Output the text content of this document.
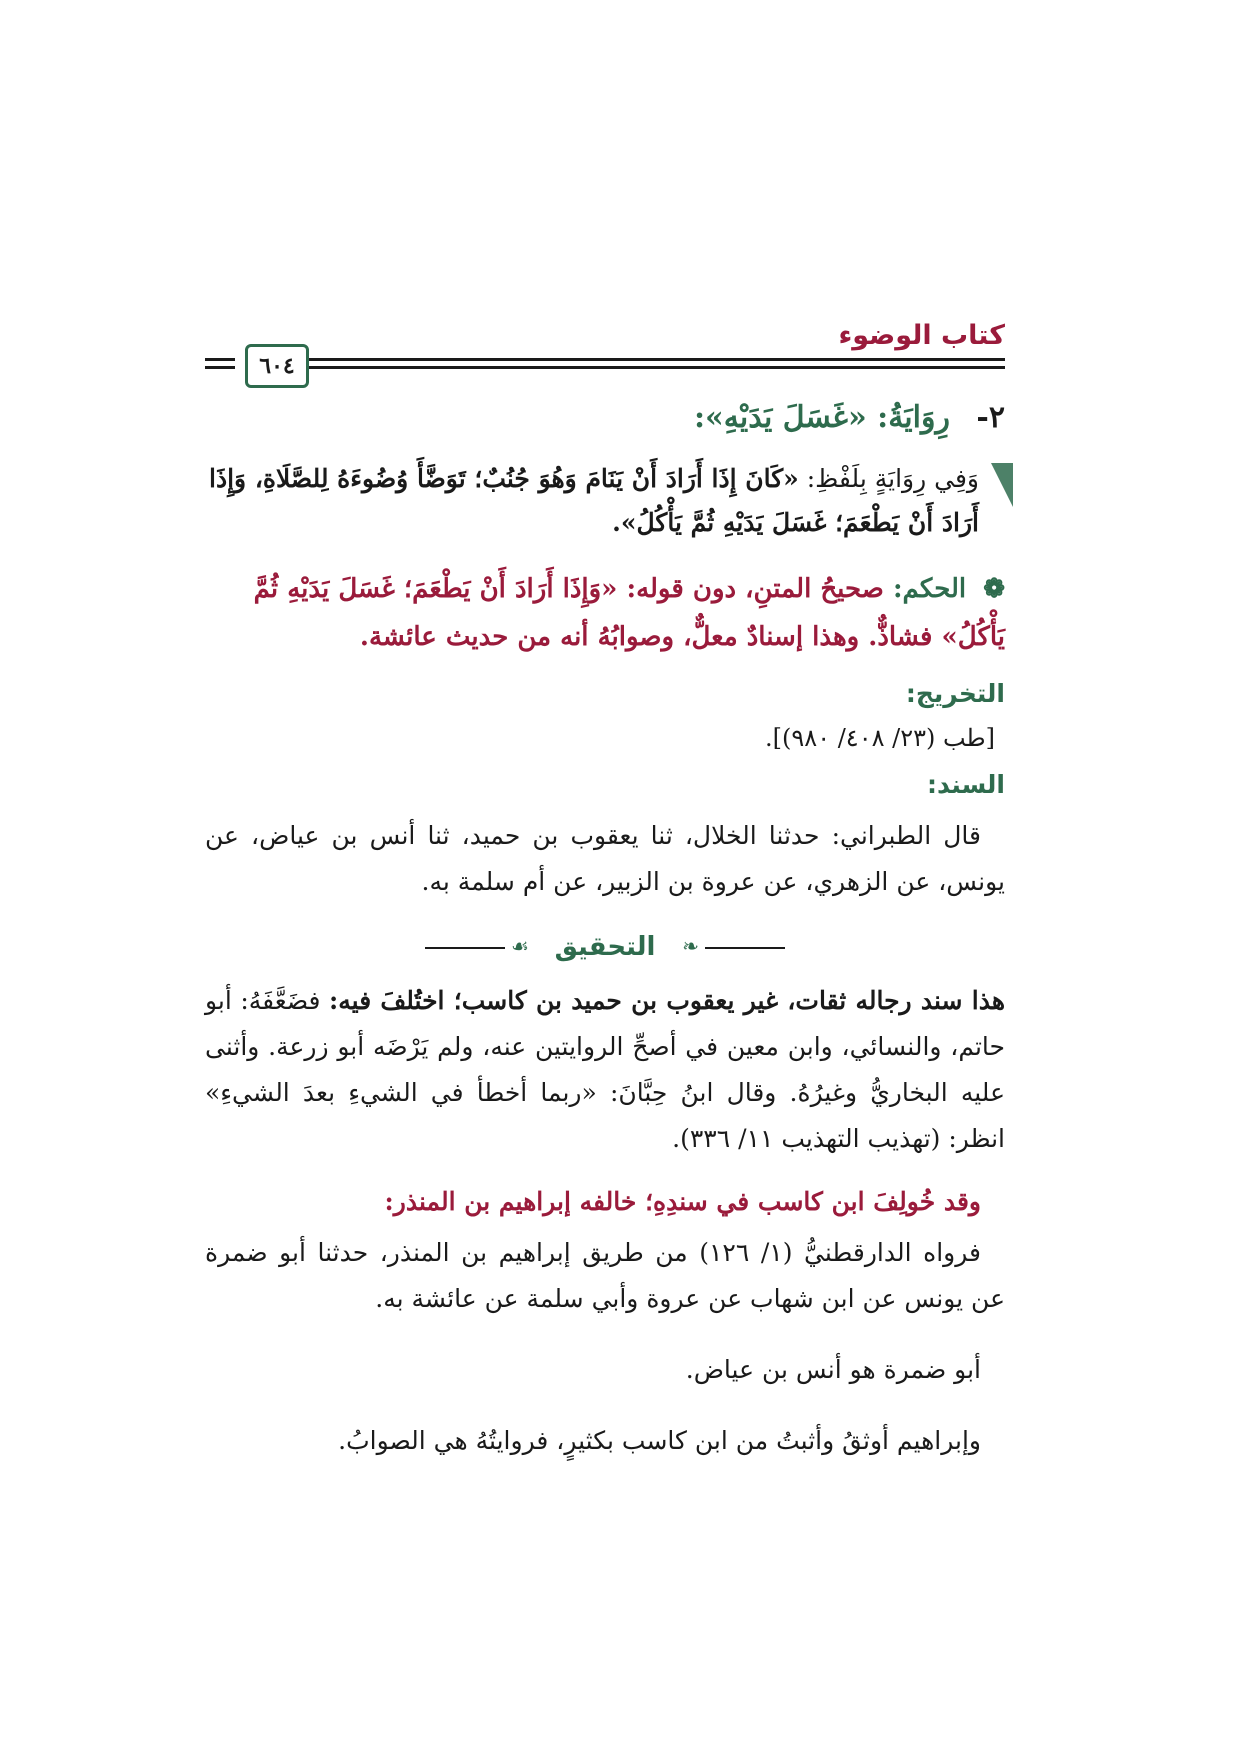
كتاب الوضوء
٦٠٤

٢- رِوَايَةُ: «غَسَلَ يَدَيْهِ»:

وَفِي رِوَايَةٍ بِلَفْظِ: «كَانَ إِذَا أَرَادَ أَنْ يَنَامَ وَهُوَ جُنُبٌ؛ تَوَضَّأَ وُضُوءَهُ لِلصَّلَاةِ، وَإِذَا أَرَادَ أَنْ يَطْعَمَ؛ غَسَلَ يَدَيْهِ ثُمَّ يَأْكُلُ».
❁ الحكم: صحيحُ المتنِ، دون قوله: «وَإِذَا أَرَادَ أَنْ يَطْعَمَ؛ غَسَلَ يَدَيْهِ ثُمَّ يَأْكُلُ» فشاذٌّ. وهذا إسنادٌ معلٌّ، وصوابُهُ أنه من حديث عائشة.
التخريج:
[طب (٢٣/ ٤٠٨/ ٩٨٠)].
السند:

قال الطبراني: حدثنا الخلال، ثنا يعقوب بن حميد، ثنا أنس بن عياض، عن يونس، عن الزهري، عن عروة بن الزبير، عن أم سلمة به.

❧
التحقيق
☙

هذا سند رجاله ثقات، غير يعقوب بن حميد بن كاسب؛ اختُلفَ فيه: فضَعَّفَهُ: أبو حاتم، والنسائي، وابن معين في أصحِّ الروايتين عنه، ولم يَرْضَه أبو زرعة. وأثنى عليه البخاريُّ وغيرُهُ. وقال ابنُ حِبَّانَ: «ربما أخطأ في الشيءِ بعدَ الشيءِ» انظر: (تهذيب التهذيب ١١/ ٣٣٦).

وقد خُولِفَ ابن كاسب في سندِهِ؛ خالفه إبراهيم بن المنذر:

فرواه الدارقطنيُّ (١/ ١٢٦) من طريق إبراهيم بن المنذر، حدثنا أبو ضمرة عن يونس عن ابن شهاب عن عروة وأبي سلمة عن عائشة به.

أبو ضمرة هو أنس بن عياض.

وإبراهيم أوثقُ وأثبتُ من ابن كاسب بكثيرٍ، فروايتُهُ هي الصوابُ.
